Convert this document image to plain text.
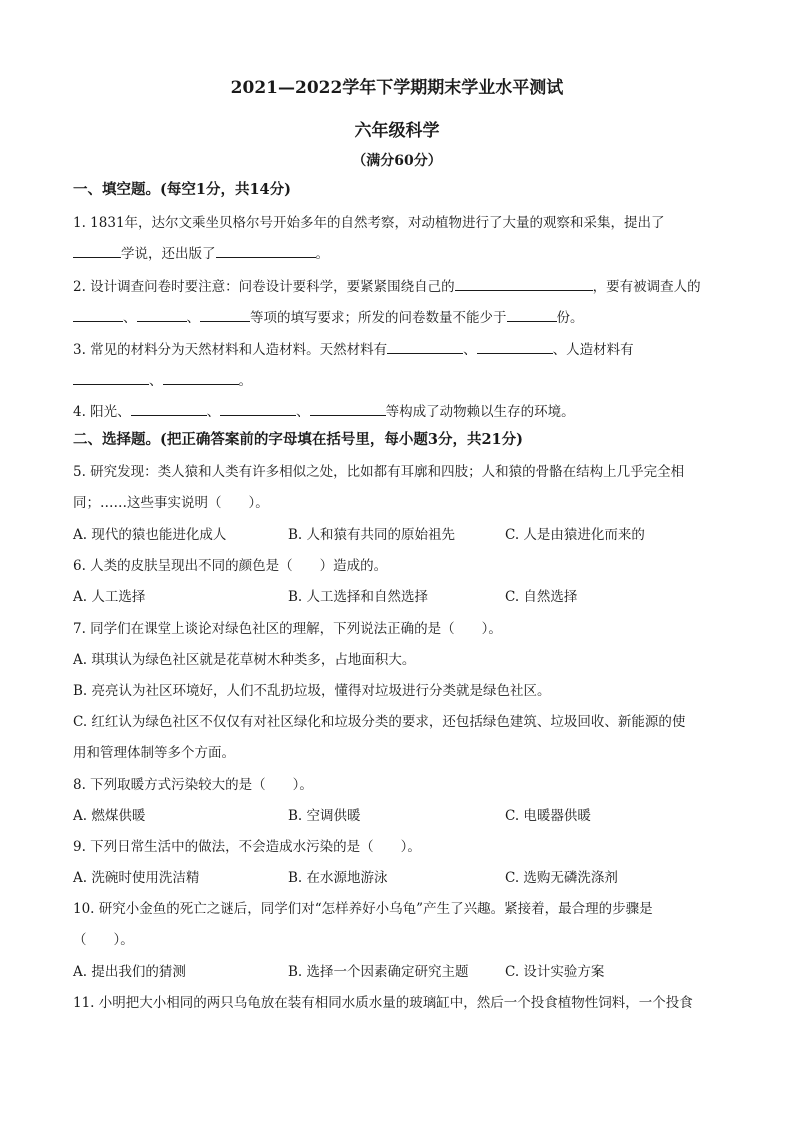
2021—2022学年下学期期末学业水平测试
六年级科学
（满分60分）
一、填空题。(每空1分，共14分)
1. 1831年，达尔文乘坐贝格尔号开始多年的自然考察，对动植物进行了大量的观察和采集，提出了
学说，还出版了	。
2. 设计调查问卷时要注意：问卷设计要科学，要紧紧围绕自己的	，要有被调查人的
、	、	等项的填写要求；所发的问卷数量不能少于	份。
3. 常见的材料分为天然材料和人造材料。天然材料有	、	、人造材料有
、	。
4. 阳光、	、	、	等构成了动物赖以生存的环境。
二、选择题。(把正确答案前的字母填在括号里，每小题3分，共21分)
5. 研究发现：类人猿和人类有许多相似之处，比如都有耳廓和四肢；人和猿的骨骼在结构上几乎完全相
同；……这些事实说明（　　）。
A. 现代的猿也能进化成人	B. 人和猿有共同的原始祖先	C. 人是由猿进化而来的
6. 人类的皮肤呈现出不同的颜色是（　　）造成的。
A. 人工选择	B. 人工选择和自然选择	C. 自然选择
7. 同学们在课堂上谈论对绿色社区的理解，下列说法正确的是（　　）。
A. 琪琪认为绿色社区就是花草树木种类多，占地面积大。
B. 亮亮认为社区环境好，人们不乱扔垃圾，懂得对垃圾进行分类就是绿色社区。
C. 红红认为绿色社区不仅仅有对社区绿化和垃圾分类的要求，还包括绿色建筑、垃圾回收、新能源的使
用和管理体制等多个方面。
8. 下列取暖方式污染较大的是（　　）。
A. 燃煤供暖	B. 空调供暖	C. 电暖器供暖
9. 下列日常生活中的做法，不会造成水污染的是（　　）。
A. 洗碗时使用洗洁精	B. 在水源地游泳	C. 选购无磷洗涤剂
10. 研究小金鱼的死亡之谜后，同学们对“怎样养好小乌龟”产生了兴趣。紧接着，最合理的步骤是
（　　）。
A. 提出我们的猜测	B. 选择一个因素确定研究主题	C. 设计实验方案
11. 小明把大小相同的两只乌龟放在装有相同水质水量的玻璃缸中，然后一个投食植物性饲料，一个投食
